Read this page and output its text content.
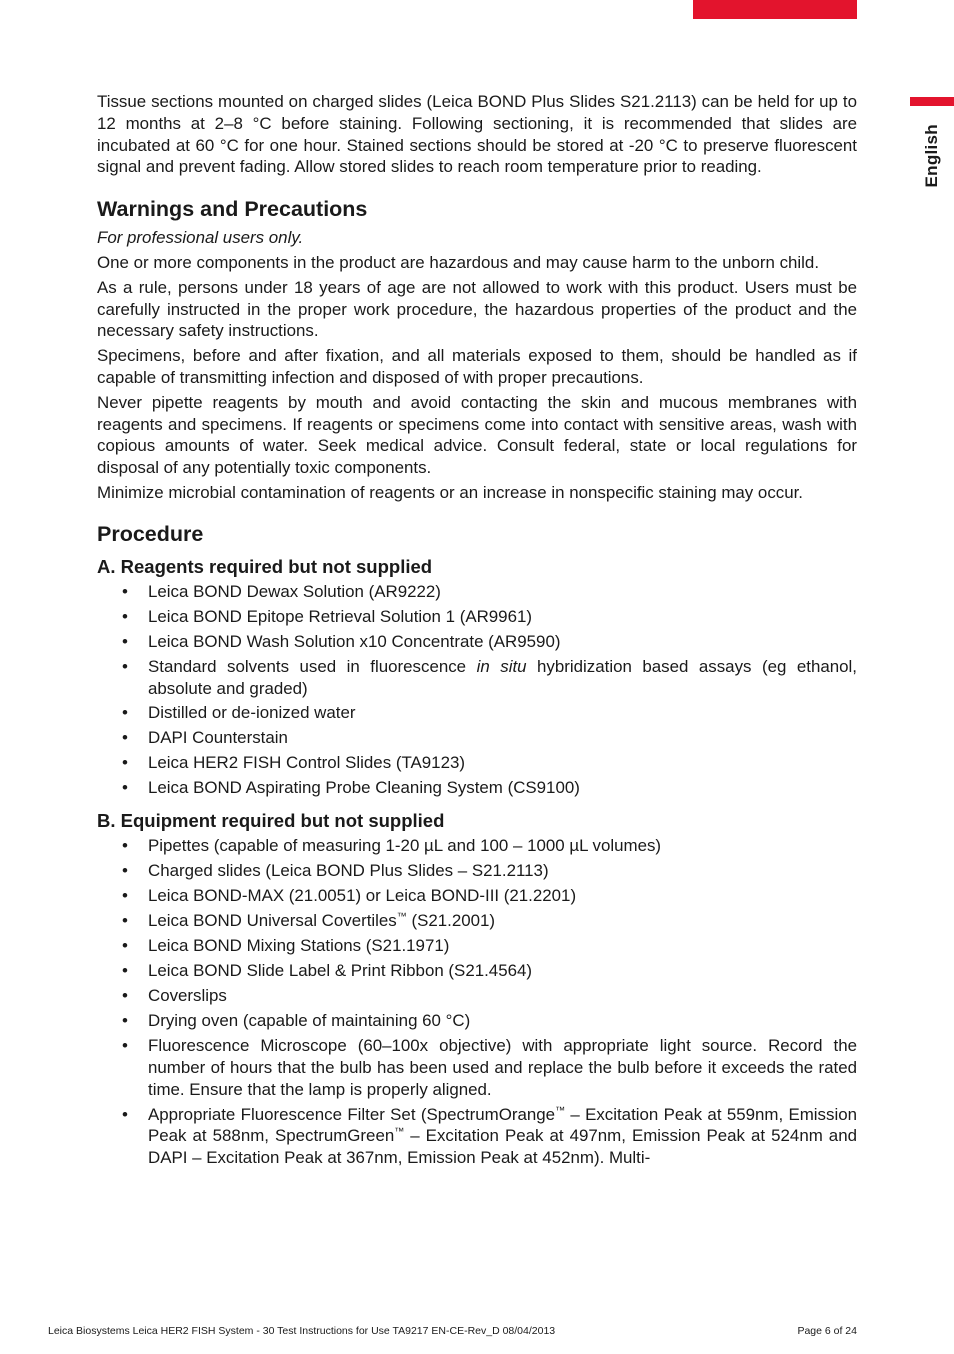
English

Tissue sections mounted on charged slides (Leica BOND Plus Slides S21.2113) can be held for up to 12 months at 2–8 °C before staining. Following sectioning, it is recommended that slides are incubated at 60 °C for one hour. Stained sections should be stored at -20 °C to preserve fluorescent signal and prevent fading. Allow stored slides to reach room temperature prior to reading.

Warnings and Precautions

For professional users only.

One or more components in the product are hazardous and may cause harm to the unborn child.

As a rule, persons under 18 years of age are not allowed to work with this product. Users must be carefully instructed in the proper work procedure, the hazardous properties of the product and the necessary safety instructions.

Specimens, before and after fixation, and all materials exposed to them, should be handled as if capable of transmitting infection and disposed of with proper precautions.

Never pipette reagents by mouth and avoid contacting the skin and mucous membranes with reagents and specimens. If reagents or specimens come into contact with sensitive areas, wash with copious amounts of water. Seek medical advice. Consult federal, state or local regulations for disposal of any potentially toxic components.

Minimize microbial contamination of reagents or an increase in nonspecific staining may occur.

Procedure
A. Reagents required but not supplied
• Leica BOND Dewax Solution (AR9222)
• Leica BOND Epitope Retrieval Solution 1 (AR9961)
• Leica BOND Wash Solution x10 Concentrate (AR9590)
• Standard solvents used in fluorescence in situ hybridization based assays (eg ethanol, absolute and graded)
• Distilled or de-ionized water
• DAPI Counterstain
• Leica HER2 FISH Control Slides (TA9123)
• Leica BOND Aspirating Probe Cleaning System (CS9100)
B. Equipment required but not supplied
• Pipettes (capable of measuring 1-20 µL and 100 – 1000 µL volumes)
• Charged slides (Leica BOND Plus Slides – S21.2113)
• Leica BOND-MAX (21.0051) or Leica BOND-III (21.2201)
• Leica BOND Universal Covertiles™ (S21.2001)
• Leica BOND Mixing Stations (S21.1971)
• Leica BOND Slide Label & Print Ribbon (S21.4564)
• Coverslips
• Drying oven (capable of maintaining 60 °C)
• Fluorescence Microscope (60–100x objective) with appropriate light source. Record the number of hours that the bulb has been used and replace the bulb before it exceeds the rated time. Ensure that the lamp is properly aligned.
• Appropriate Fluorescence Filter Set (SpectrumOrange™ – Excitation Peak at 559nm, Emission Peak at 588nm, SpectrumGreen™ – Excitation Peak at 497nm, Emission Peak at 524nm and DAPI – Excitation Peak at 367nm, Emission Peak at 452nm). Multi-
Leica Biosystems Leica HER2 FISH System - 30 Test Instructions for Use TA9217 EN-CE-Rev_D 08/04/2013	Page 6 of 24
